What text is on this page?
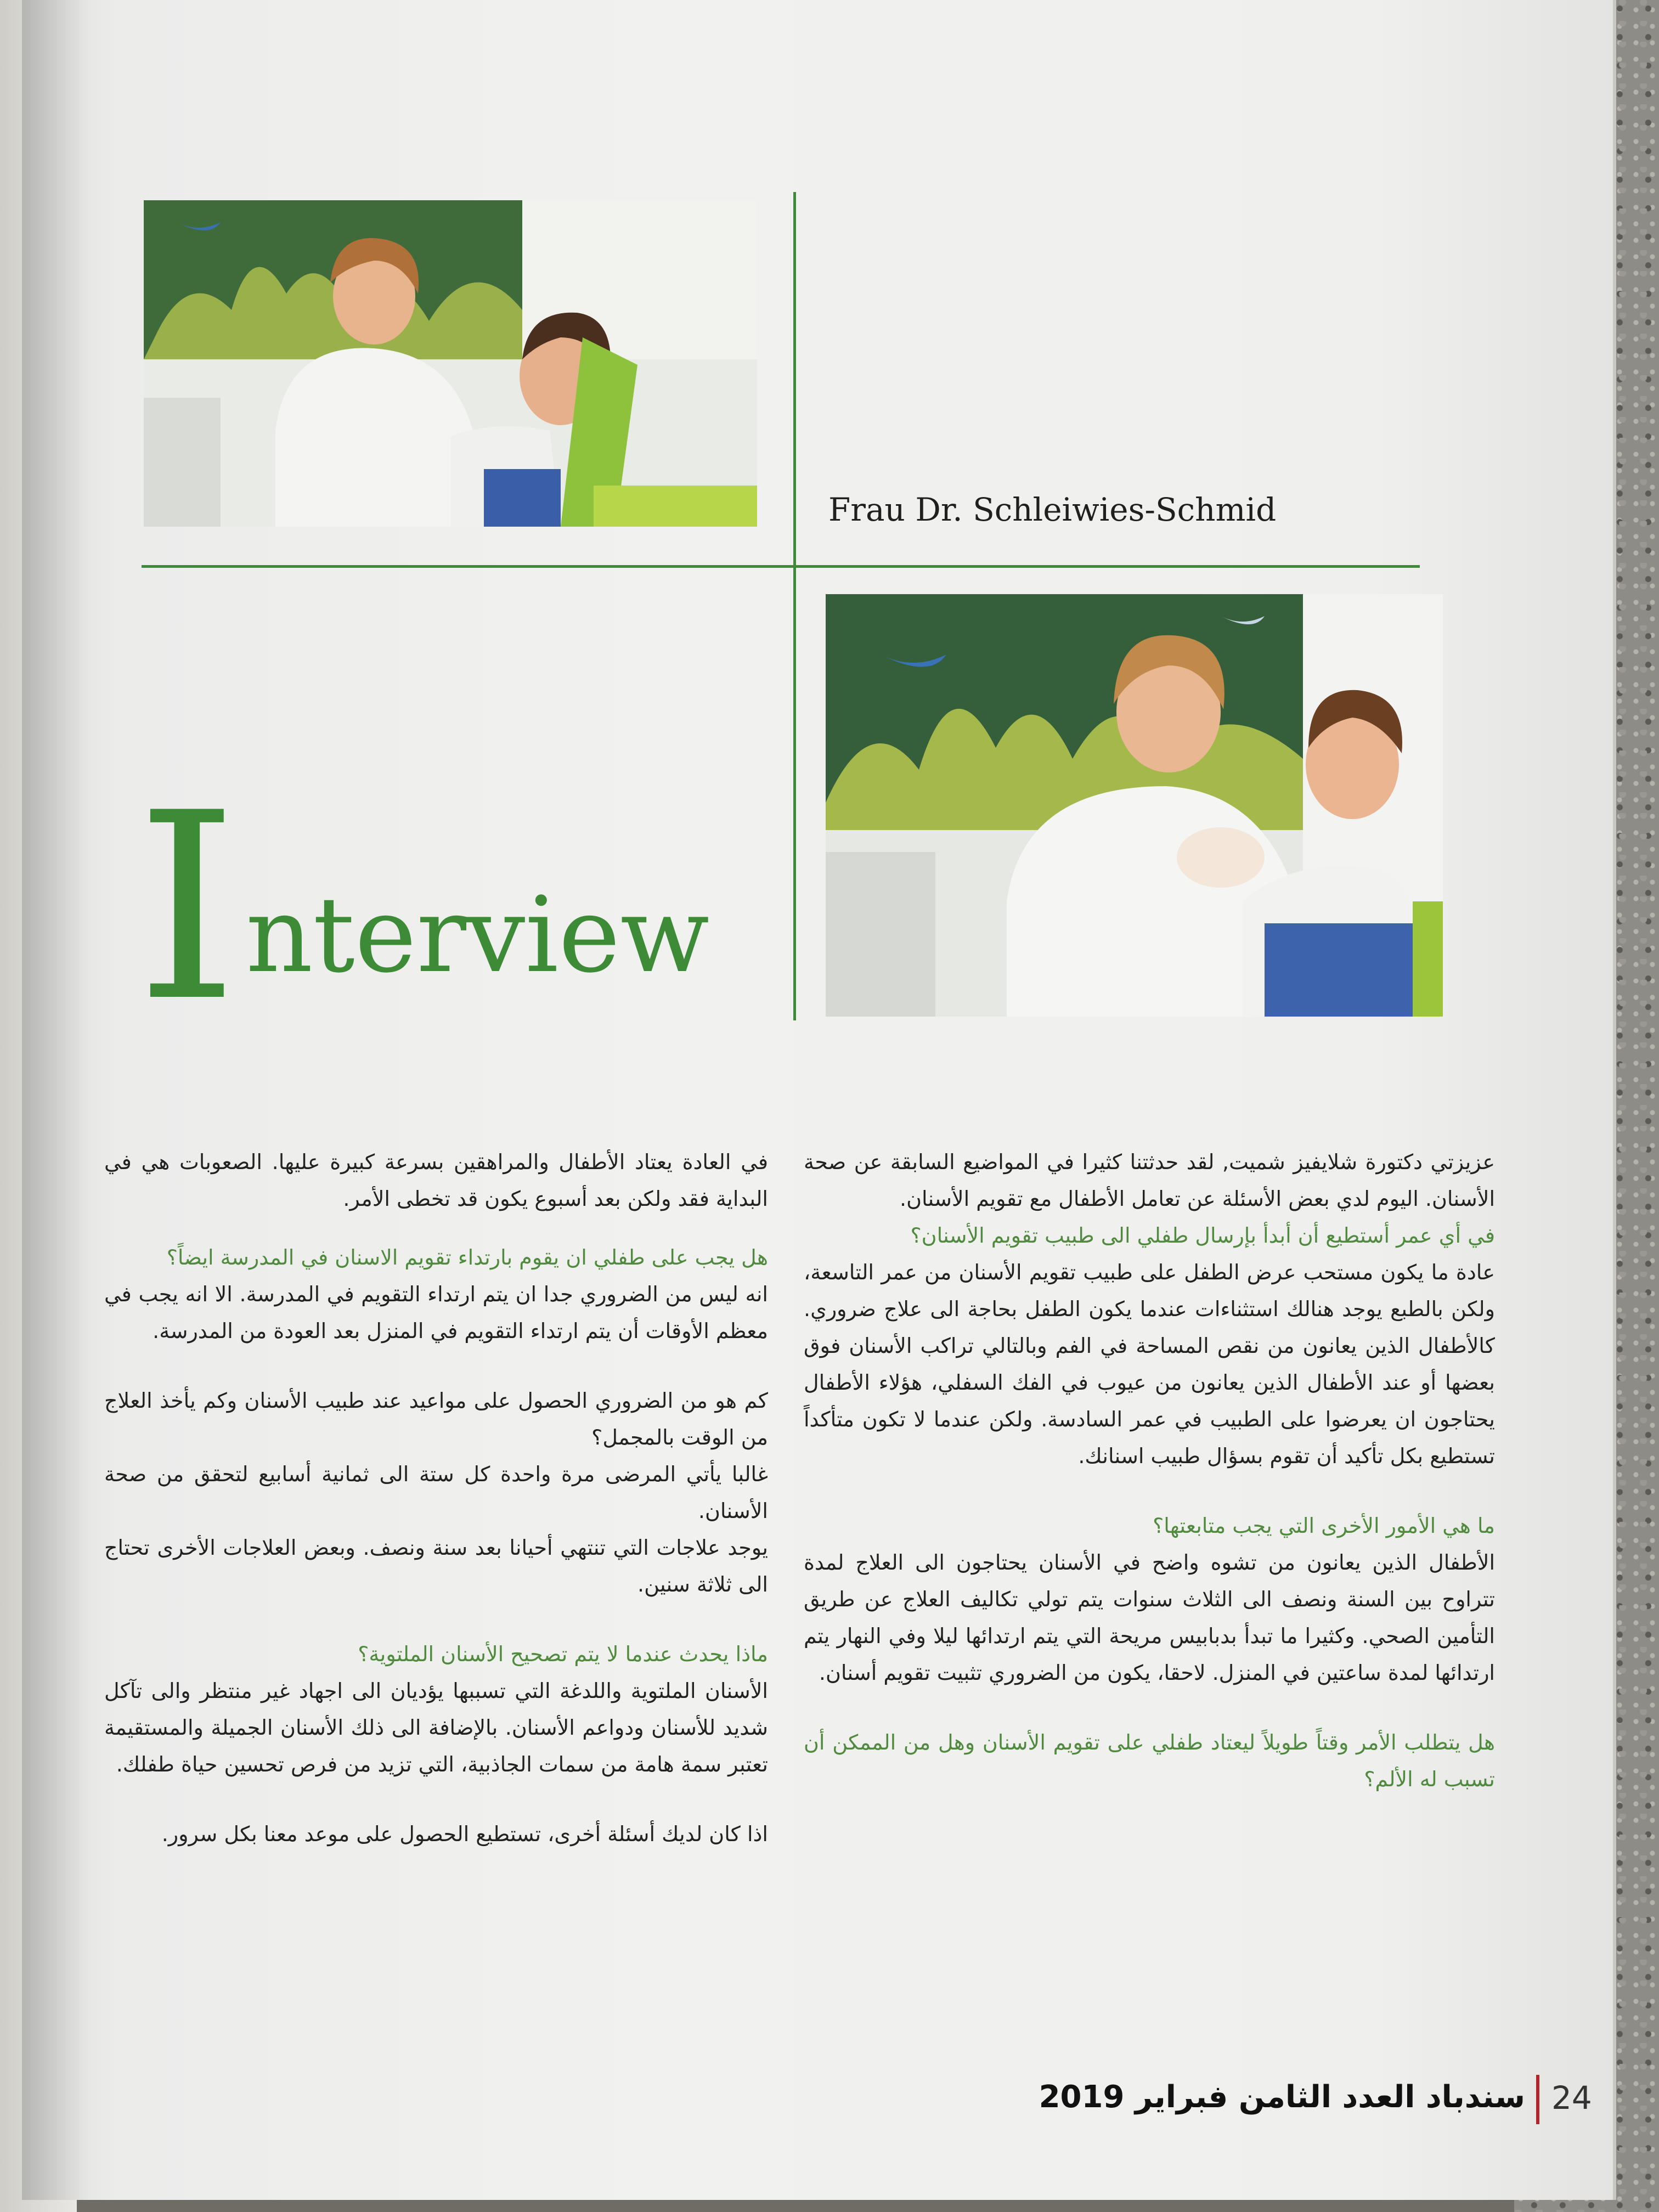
Frau Dr. Schleiwies-Schmid
I nterview

عزيزتي دكتورة شلايفيز شميت, لقد حدثتنا كثيرا في المواضيع السابقة عن صحة الأسنان. اليوم لدي بعض الأسئلة عن تعامل الأطفال مع تقويم الأسنان.

في أي عمر أستطيع أن أبدأ بإرسال طفلي الى طبيب تقويم الأسنان؟

عادة ما يكون مستحب عرض الطفل على طبيب تقويم الأسنان من عمر التاسعة، ولكن بالطبع يوجد هنالك استثناءات عندما يكون الطفل بحاجة الى علاج ضروري. كالأطفال الذين يعانون من نقص المساحة في الفم وبالتالي تراكب الأسنان فوق بعضها أو عند الأطفال الذين يعانون من عيوب في الفك السفلي، هؤلاء الأطفال يحتاجون ان يعرضوا على الطبيب في عمر السادسة. ولكن عندما لا تكون متأكداً تستطيع بكل تأكيد أن تقوم بسؤال طبيب اسنانك.

ما هي الأمور الأخرى التي يجب متابعتها؟

الأطفال الذين يعانون من تشوه واضح في الأسنان يحتاجون الى العلاج لمدة تتراوح بين السنة ونصف الى الثلاث سنوات يتم تولي تكاليف العلاج عن طريق التأمين الصحي. وكثيرا ما تبدأ بدبابيس مريحة التي يتم ارتدائها ليلا وفي النهار يتم ارتدائها لمدة ساعتين في المنزل. لاحقا، يكون من الضروري تثبيت تقويم أسنان.

هل يتطلب الأمر وقتاً طويلاً ليعتاد طفلي على تقويم الأسنان وهل من الممكن أن تسبب له الألم؟

في العادة يعتاد الأطفال والمراهقين بسرعة كبيرة عليها. الصعوبات هي في البداية فقد ولكن بعد أسبوع يكون قد تخطى الأمر.

هل يجب على طفلي ان يقوم بارتداء تقويم الاسنان في المدرسة ايضاً؟

انه ليس من الضروري جدا ان يتم ارتداء التقويم في المدرسة. الا انه يجب في معظم الأوقات أن يتم ارتداء التقويم في المنزل بعد العودة من المدرسة.

كم هو من الضروري الحصول على مواعيد عند طبيب الأسنان وكم يأخذ العلاج من الوقت بالمجمل؟

غالبا يأتي المرضى مرة واحدة كل ستة الى ثمانية أسابيع لتحقق من صحة الأسنان.

يوجد علاجات التي تنتهي أحيانا بعد سنة ونصف. وبعض العلاجات الأخرى تحتاج الى ثلاثة سنين.

ماذا يحدث عندما لا يتم تصحيح الأسنان الملتوية؟

الأسنان الملتوية واللدغة التي تسببها يؤديان الى اجهاد غير منتظر والى تآكل شديد للأسنان ودواعم الأسنان. بالإضافة الى ذلك الأسنان الجميلة والمستقيمة تعتبر سمة هامة من سمات الجاذبية، التي تزيد من فرص تحسين حياة طفلك.

اذا كان لديك أسئلة أخرى، تستطيع الحصول على موعد معنا بكل سرور.

سندباد العدد الثامن فبراير 2019 24
